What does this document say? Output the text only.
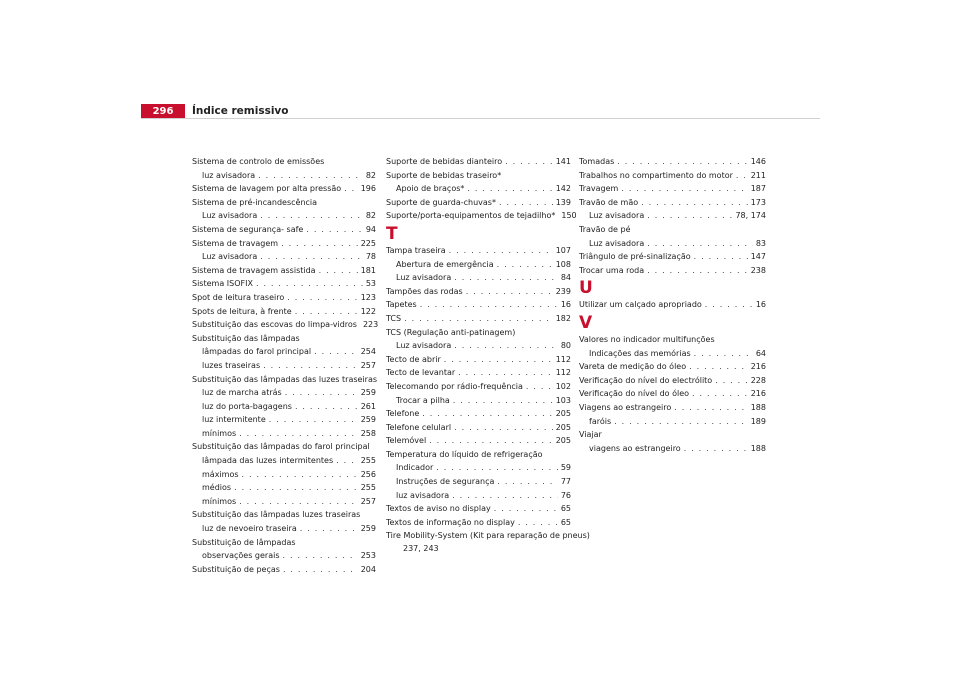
296	Índice remissivo
Sistema de controlo de emissões
luz avisadora . . .	82
Sistema de lavagem por alta pressão . . . 196
Sistema de pré-incandescência
Luz avisadora . . .	82
Sistema de segurança- safe . . .	94
Sistema de travagem . . .	225
Luz avisadora . . .	78
Sistema de travagem assistida . . .	181
Sistema ISOFIX . . .	53
Spot de leitura traseiro . . .	123
Spots de leitura, à frente . . .	122
Substituição das escovas do limpa-vidros 223
Substituição das lâmpadas
lâmpadas do farol principal . . .	254
luzes traseiras . . .	257
Substituição das lâmpadas das luzes traseiras
luz de marcha atrás . . .	259
luz do porta-bagagens . . .	261
luz intermitente . . .	259
mínimos . . .	258
Substituição das lâmpadas do farol principal
lâmpada das luzes intermitentes . . .	255
máximos . . .	256
médios . . .	255
mínimos . . .	257
Substituição das lâmpadas luzes traseiras
luz de nevoeiro traseira . . .	259
Substituição de lâmpadas
observações gerais . . .	253
Substituição de peças . . .	204
Suporte de bebidas dianteiro . . .	141
Suporte de bebidas traseiro*
Apoio de braços* . . .	142
Suporte de guarda-chuvas* . . .	139
Suporte/porta-equipamentos de tejadilho* 150
T
Tampa traseira . . .	107
Abertura de emergência . . .	108
Luz avisadora . . .	84
Tampões das rodas . . .	239
Tapetes . . .	16
TCS . . .	182
TCS (Regulação anti-patinagem)
Luz avisadora . . .	80
Tecto de abrir . . .	112
Tecto de levantar . . .	112
Telecomando por rádio-frequência . . .	102
Trocar a pilha . . .	103
Telefone . . .	205
Telefone celularl . . .	205
Telemóvel . . .	205
Temperatura do líquido de refrigeração
Indicador . . .	59
Instruções de segurança . . .	77
luz avisadora . . .	76
Textos de aviso no display . . .	65
Textos de informação no display . . .	65
Tire Mobility-System (Kit para reparação de pneus)
237, 243
Tomadas . . .	146
Trabalhos no compartimento do motor . . . 211
Travagem . . .	187
Travão de mão . . .	173
Luz avisadora . . .	78, 174
Travão de pé
Luz avisadora . . .	83
Triângulo de pré-sinalização . . .	147
Trocar uma roda . . .	238
U
Utilizar um calçado apropriado . . .	16
V
Valores no indicador multifunções
Indicações das memórias . . .	64
Vareta de medição do óleo . . .	216
Verificação do nível do electrólito . . .	228
Verificação do nível do óleo . . .	216
Viagens ao estrangeiro . . .	188
faróis . . .	189
Viajar
viagens ao estrangeiro . . .	188
